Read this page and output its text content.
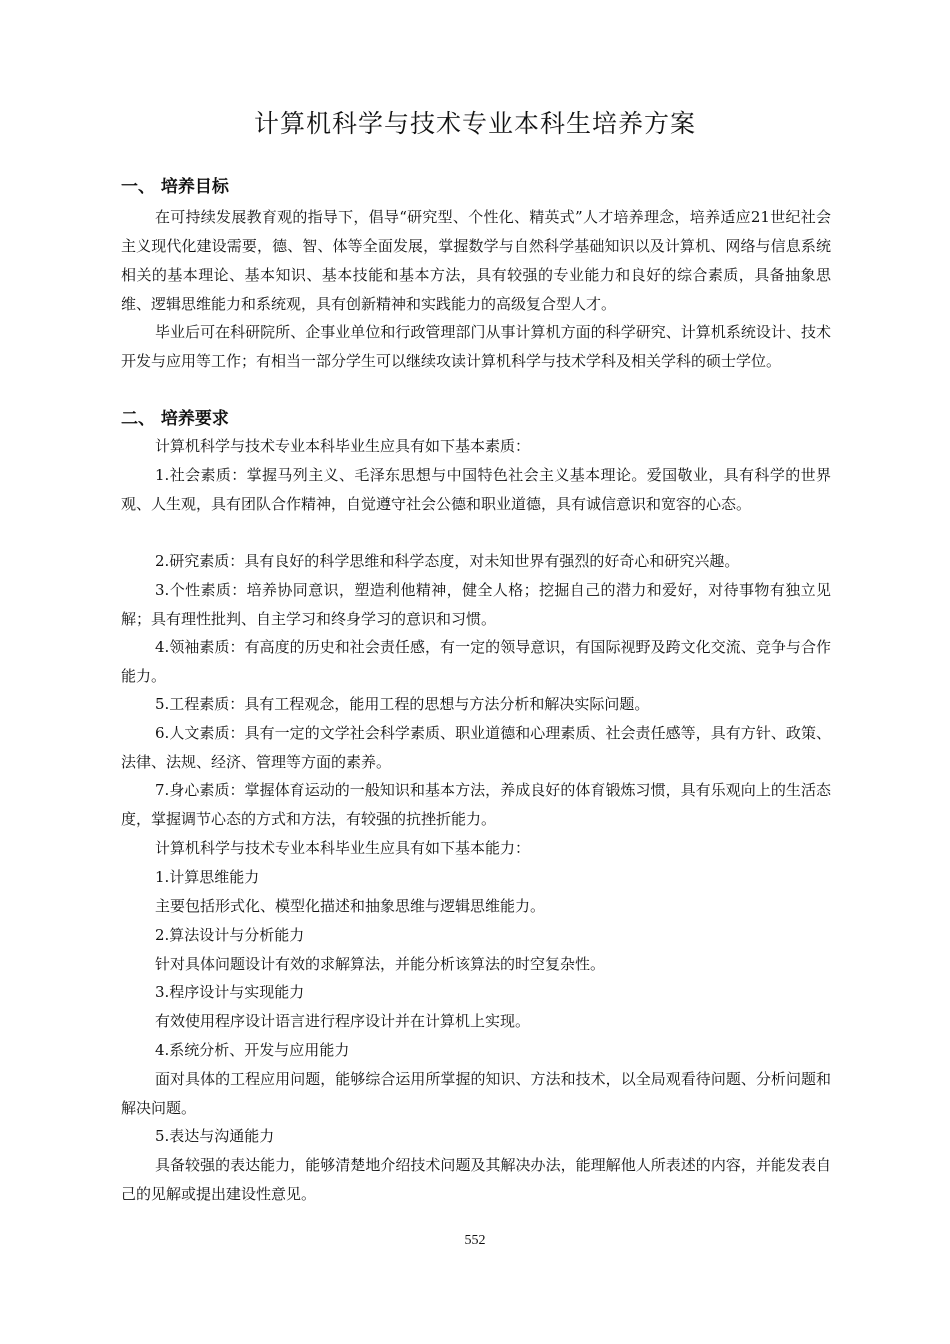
计算机科学与技术专业本科生培养方案
一、 培养目标

在可持续发展教育观的指导下，倡导“研究型、个性化、精英式”人才培养理念，培养适应21世纪社会主义现代化建设需要，德、智、体等全面发展，掌握数学与自然科学基础知识以及计算机、网络与信息系统相关的基本理论、基本知识、基本技能和基本方法，具有较强的专业能力和良好的综合素质，具备抽象思维、逻辑思维能力和系统观，具有创新精神和实践能力的高级复合型人才。

毕业后可在科研院所、企事业单位和行政管理部门从事计算机方面的科学研究、计算机系统设计、技术开发与应用等工作；有相当一部分学生可以继续攻读计算机科学与技术学科及相关学科的硕士学位。

二、 培养要求

计算机科学与技术专业本科毕业生应具有如下基本素质：

1.社会素质：掌握马列主义、毛泽东思想与中国特色社会主义基本理论。爱国敬业，具有科学的世界观、人生观，具有团队合作精神，自觉遵守社会公德和职业道德，具有诚信意识和宽容的心态。

2.研究素质：具有良好的科学思维和科学态度，对未知世界有强烈的好奇心和研究兴趣。

3.个性素质：培养协同意识，塑造利他精神，健全人格；挖掘自己的潜力和爱好，对待事物有独立见解；具有理性批判、自主学习和终身学习的意识和习惯。

4.领袖素质：有高度的历史和社会责任感，有一定的领导意识，有国际视野及跨文化交流、竞争与合作能力。

5.工程素质：具有工程观念，能用工程的思想与方法分析和解决实际问题。

6.人文素质：具有一定的文学社会科学素质、职业道德和心理素质、社会责任感等，具有方针、政策、法律、法规、经济、管理等方面的素养。

7.身心素质：掌握体育运动的一般知识和基本方法，养成良好的体育锻炼习惯，具有乐观向上的生活态度，掌握调节心态的方式和方法，有较强的抗挫折能力。

计算机科学与技术专业本科毕业生应具有如下基本能力：

1.计算思维能力

主要包括形式化、模型化描述和抽象思维与逻辑思维能力。

2.算法设计与分析能力

针对具体问题设计有效的求解算法，并能分析该算法的时空复杂性。

3.程序设计与实现能力

有效使用程序设计语言进行程序设计并在计算机上实现。

4.系统分析、开发与应用能力

面对具体的工程应用问题，能够综合运用所掌握的知识、方法和技术，以全局观看待问题、分析问题和解决问题。

5.表达与沟通能力

具备较强的表达能力，能够清楚地介绍技术问题及其解决办法，能理解他人所表述的内容，并能发表自己的见解或提出建设性意见。

552
